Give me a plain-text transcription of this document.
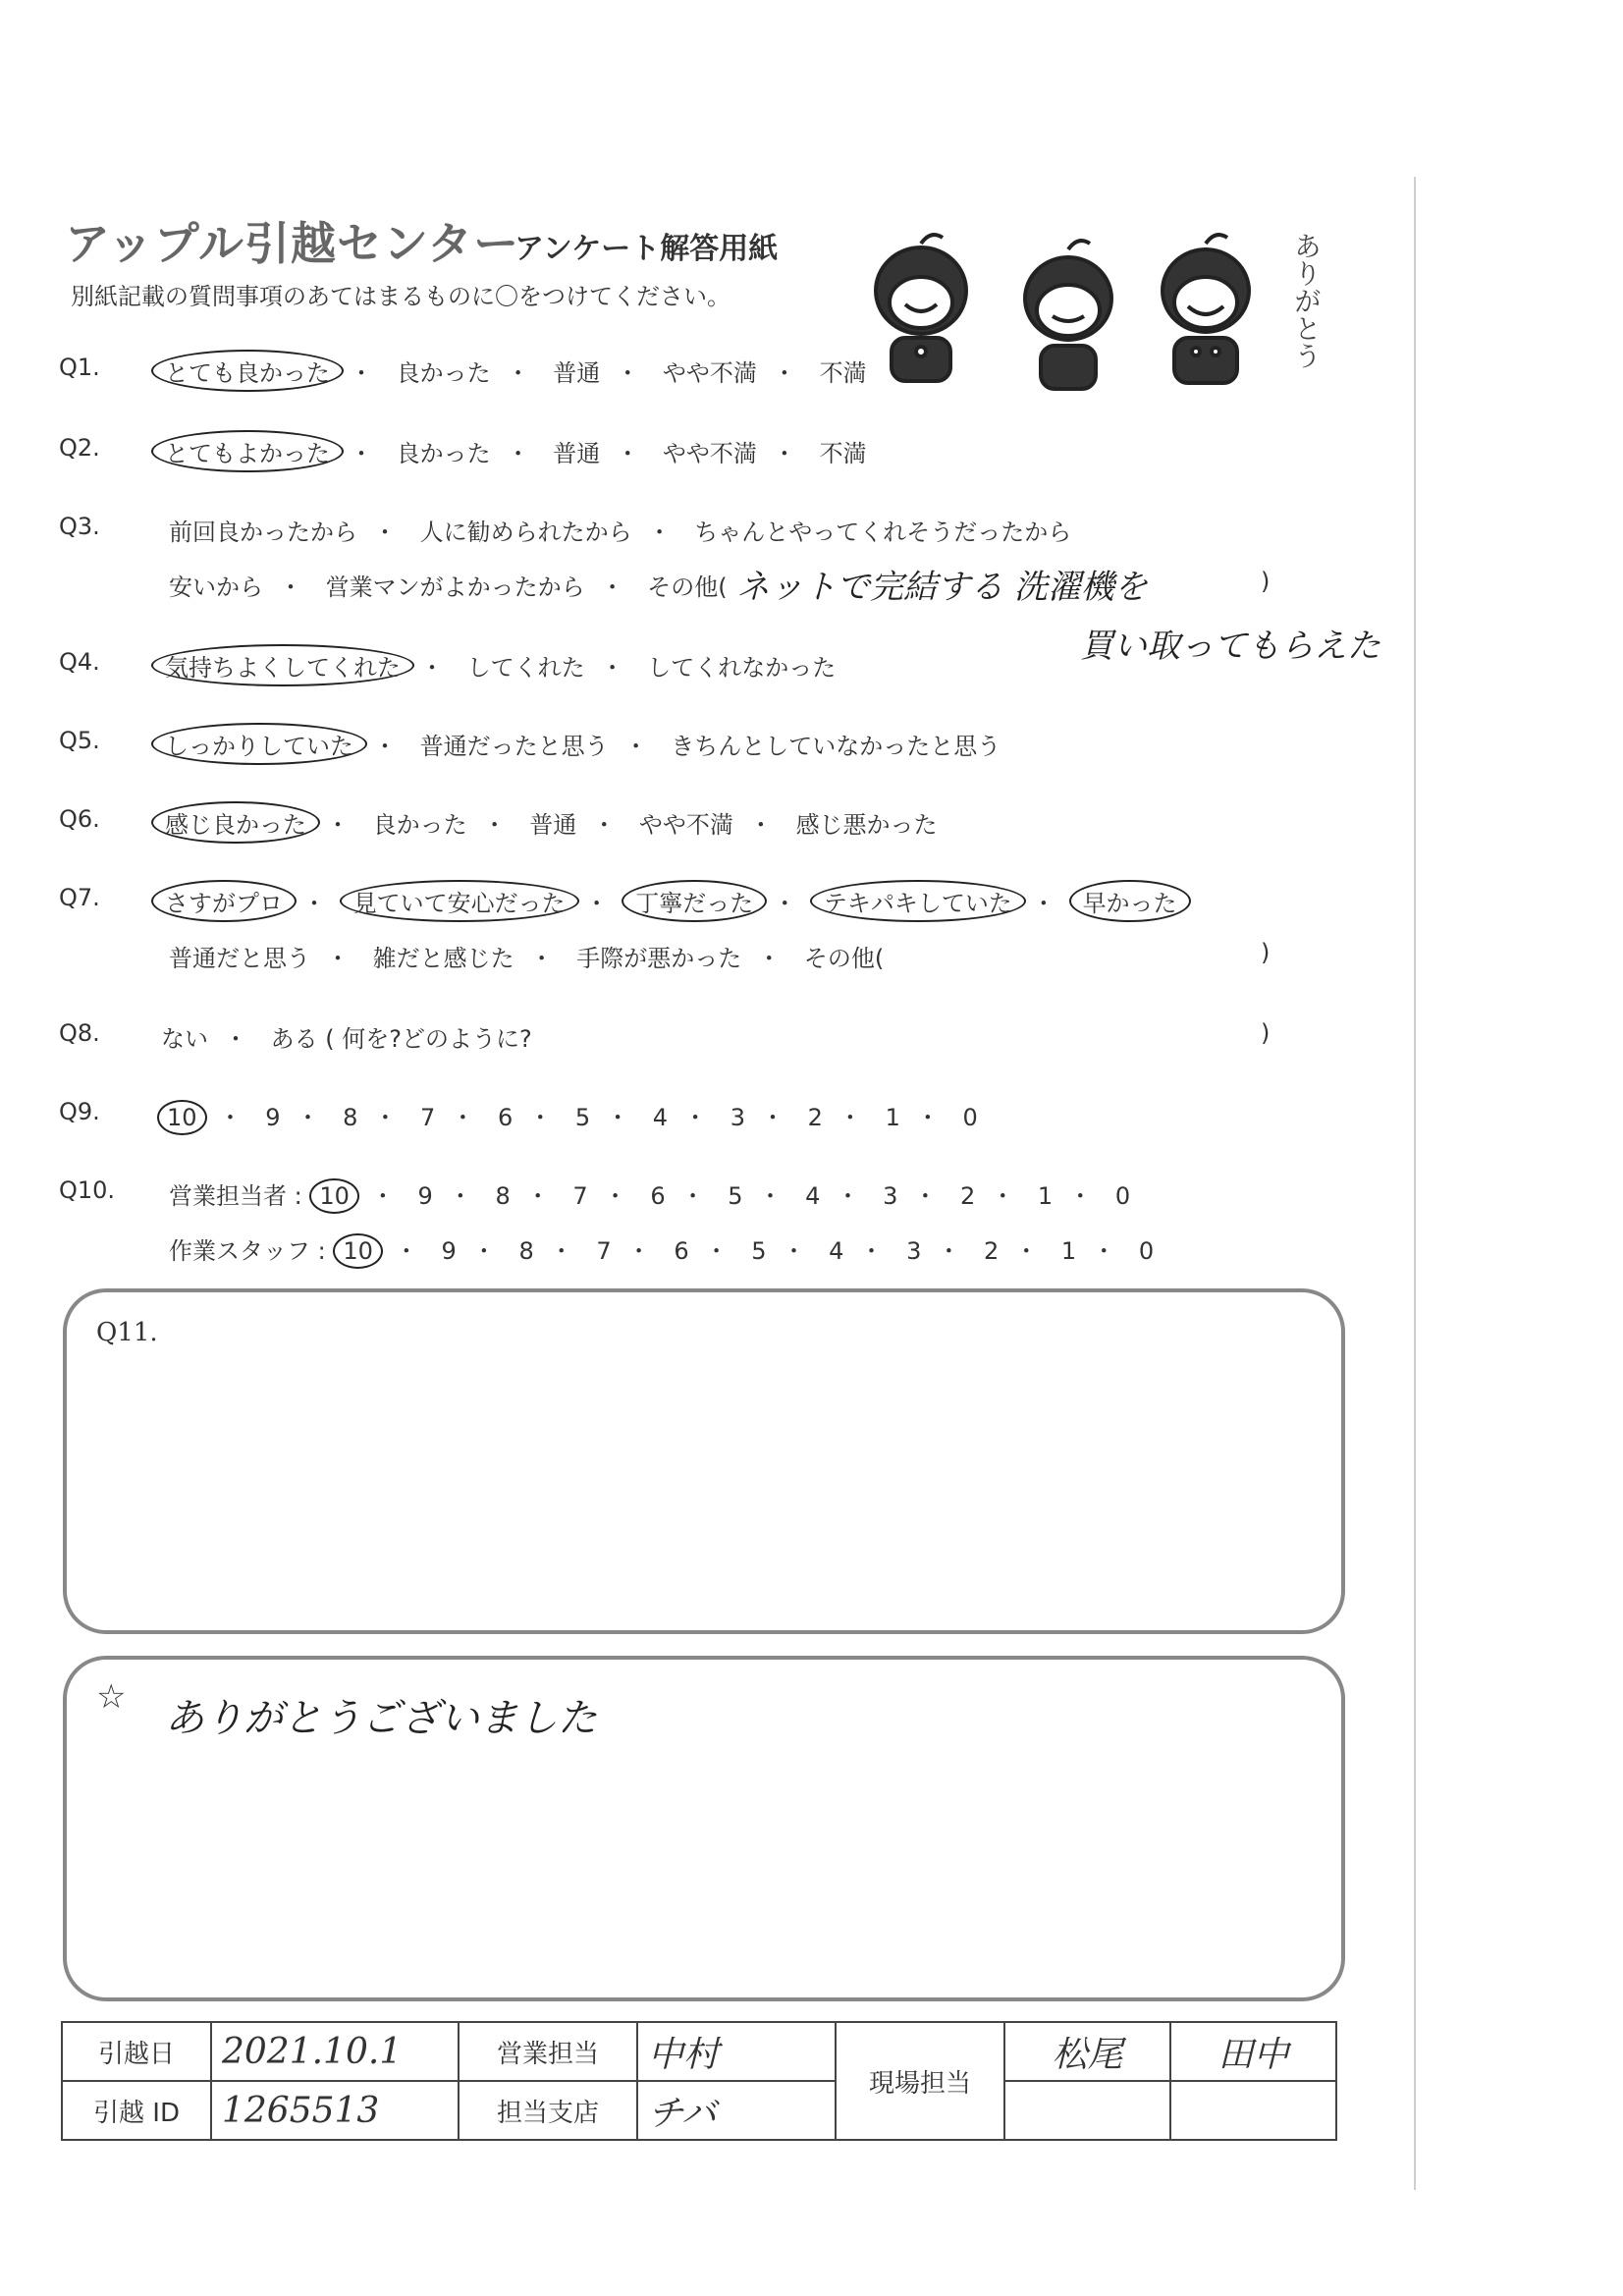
アップル引越センター
アンケート解答用紙
別紙記載の質問事項のあてはまるものに〇をつけてください。	ありがとう
Q1.	とても良かった ・ 良かった ・ 普通 ・ やや不満 ・ 不満
Q2.	とてもよかった ・ 良かった ・ 普通 ・ やや不満 ・ 不満
Q3.	前回良かったから ・ 人に勧められたから ・ ちゃんとやってくれそうだったから
安いから ・ 営業マンがよかったから ・ その他( ネットで完結する 洗濯機を	)
買い取ってもらえた
Q4.	気持ちよくしてくれた ・ してくれた ・ してくれなかった
Q5.	しっかりしていた ・ 普通だったと思う ・ きちんとしていなかったと思う
Q6.	感じ良かった ・ 良かった ・ 普通 ・ やや不満 ・ 感じ悪かった
Q7.	さすがプロ ・ 見ていて安心だった ・ 丁寧だった ・ テキパキしていた ・ 早かった
普通だと思う ・ 雑だと感じた ・ 手際が悪かった ・ その他(	)
Q8.	ない ・ ある ( 何を?どのように?	)
Q9.	10 ・ 9 ・ 8 ・ 7 ・ 6 ・ 5 ・ 4 ・ 3 ・ 2 ・ 1 ・ 0
Q10. 営業担当者 : 10 ・ 9 ・ 8 ・ 7 ・ 6 ・ 5 ・ 4 ・ 3 ・ 2 ・ 1 ・ 0
作業スタッフ : 10 ・ 9 ・ 8 ・ 7 ・ 6 ・ 5 ・ 4 ・ 3 ・ 2 ・ 1 ・ 0
Q11.
☆ ありがとうございました
引越日	2021.10.1	営業担当	中村	現場担当	松尾	田中
引越 ID	1265513	担当支店	チバ			
